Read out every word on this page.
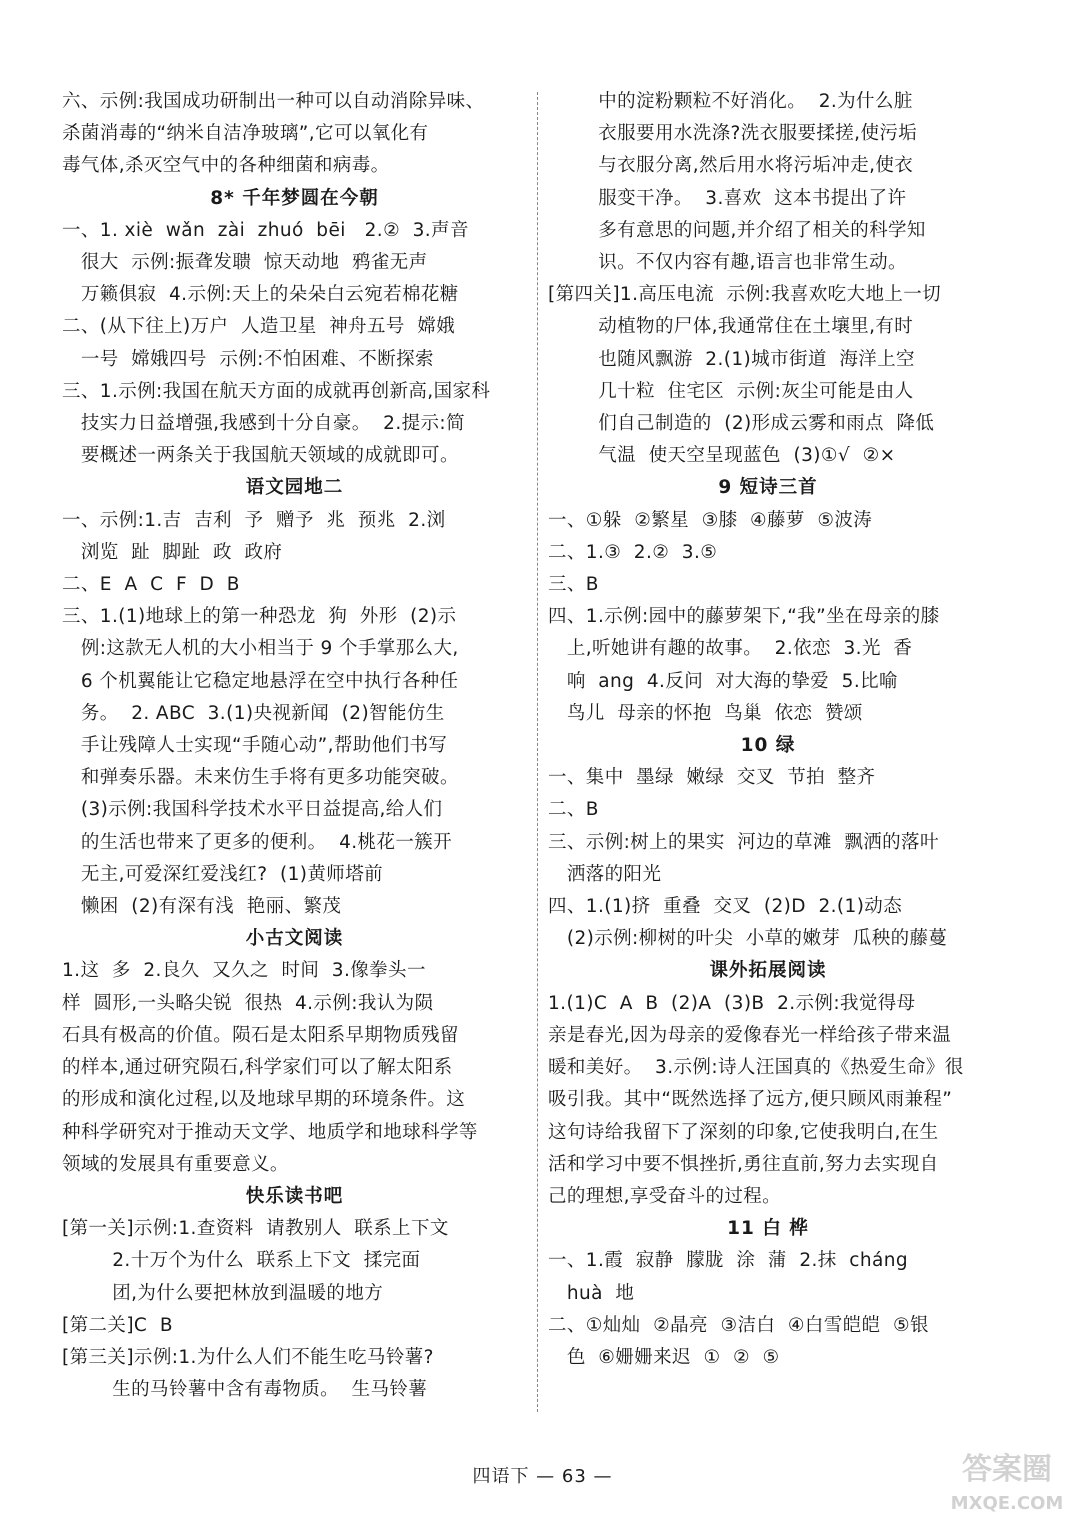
六、示例:我国成功研制出一种可以自动消除异味、
杀菌消毒的“纳米自洁净玻璃”,它可以氧化有
毒气体,杀灭空气中的各种细菌和病毒。
8* 千年梦圆在今朝
一、1. xiè  wǎn  zài  zhuó  bēi   2.②  3.声音
很大  示例:振聋发聩  惊天动地  鸦雀无声
万籁俱寂  4.示例:天上的朵朵白云宛若棉花糖
二、(从下往上)万户  人造卫星  神舟五号  嫦娥
一号  嫦娥四号  示例:不怕困难、不断探索
三、1.示例:我国在航天方面的成就再创新高,国家科
技实力日益增强,我感到十分自豪。  2.提示:简
要概述一两条关于我国航天领域的成就即可。
语文园地二
一、示例:1.吉  吉利  予  赠予  兆  预兆  2.浏
浏览  趾  脚趾  政  政府
二、E  A  C  F  D  B
三、1.(1)地球上的第一种恐龙  狗  外形  (2)示
例:这款无人机的大小相当于 9 个手掌那么大,
6 个机翼能让它稳定地悬浮在空中执行各种任
务。  2. ABC  3.(1)央视新闻  (2)智能仿生
手让残障人士实现“手随心动”,帮助他们书写
和弹奏乐器。未来仿生手将有更多功能突破。
(3)示例:我国科学技术水平日益提高,给人们
的生活也带来了更多的便利。  4.桃花一簇开
无主,可爱深红爱浅红?  (1)黄师塔前
懒困  (2)有深有浅  艳丽、繁茂
小古文阅读
1.这  多  2.良久  又久之  时间  3.像拳头一
样  圆形,一头略尖锐  很热  4.示例:我认为陨
石具有极高的价值。陨石是太阳系早期物质残留
的样本,通过研究陨石,科学家们可以了解太阳系
的形成和演化过程,以及地球早期的环境条件。这
种科学研究对于推动天文学、地质学和地球科学等
领域的发展具有重要意义。
快乐读书吧
[第一关]示例:1.查资料  请教别人  联系上下文
2.十万个为什么  联系上下文  揉完面
团,为什么要把林放到温暖的地方
[第二关]C  B
[第三关]示例:1.为什么人们不能生吃马铃薯?
生的马铃薯中含有毒物质。  生马铃薯
中的淀粉颗粒不好消化。  2.为什么脏
衣服要用水洗涤?洗衣服要揉搓,使污垢
与衣服分离,然后用水将污垢冲走,使衣
服变干净。  3.喜欢  这本书提出了许
多有意思的问题,并介绍了相关的科学知
识。不仅内容有趣,语言也非常生动。
[第四关]1.高压电流  示例:我喜欢吃大地上一切
动植物的尸体,我通常住在土壤里,有时
也随风飘游  2.(1)城市街道  海洋上空
几十粒  住宅区  示例:灰尘可能是由人
们自己制造的  (2)形成云雾和雨点  降低
气温  使天空呈现蓝色  (3)①√  ②×
9 短诗三首
一、①躲  ②繁星  ③膝  ④藤萝  ⑤波涛
二、1.③  2.②  3.⑤
三、B
四、1.示例:园中的藤萝架下,“我”坐在母亲的膝
上,听她讲有趣的故事。  2.依恋  3.光  香
响  ang  4.反问  对大海的挚爱  5.比喻
鸟儿  母亲的怀抱  鸟巢  依恋  赞颂
10 绿
一、集中  墨绿  嫩绿  交叉  节拍  整齐
二、B
三、示例:树上的果实  河边的草滩  飘洒的落叶
洒落的阳光
四、1.(1)挤  重叠  交叉  (2)D  2.(1)动态
(2)示例:柳树的叶尖  小草的嫩芽  瓜秧的藤蔓
课外拓展阅读
1.(1)C  A  B  (2)A  (3)B  2.示例:我觉得母
亲是春光,因为母亲的爱像春光一样给孩子带来温
暖和美好。  3.示例:诗人汪国真的《热爱生命》很
吸引我。其中“既然选择了远方,便只顾风雨兼程”
这句诗给我留下了深刻的印象,它使我明白,在生
活和学习中要不惧挫折,勇往直前,努力去实现自
己的理想,享受奋斗的过程。
11 白 桦
一、1.霞  寂静  朦胧  涂  蒲  2.抹  cháng
huà  地
二、①灿灿  ②晶亮  ③洁白  ④白雪皑皑  ⑤银
色  ⑥姗姗来迟  ①  ②  ⑤
四语下 — 63 —	答案圈
MXQE.COM
